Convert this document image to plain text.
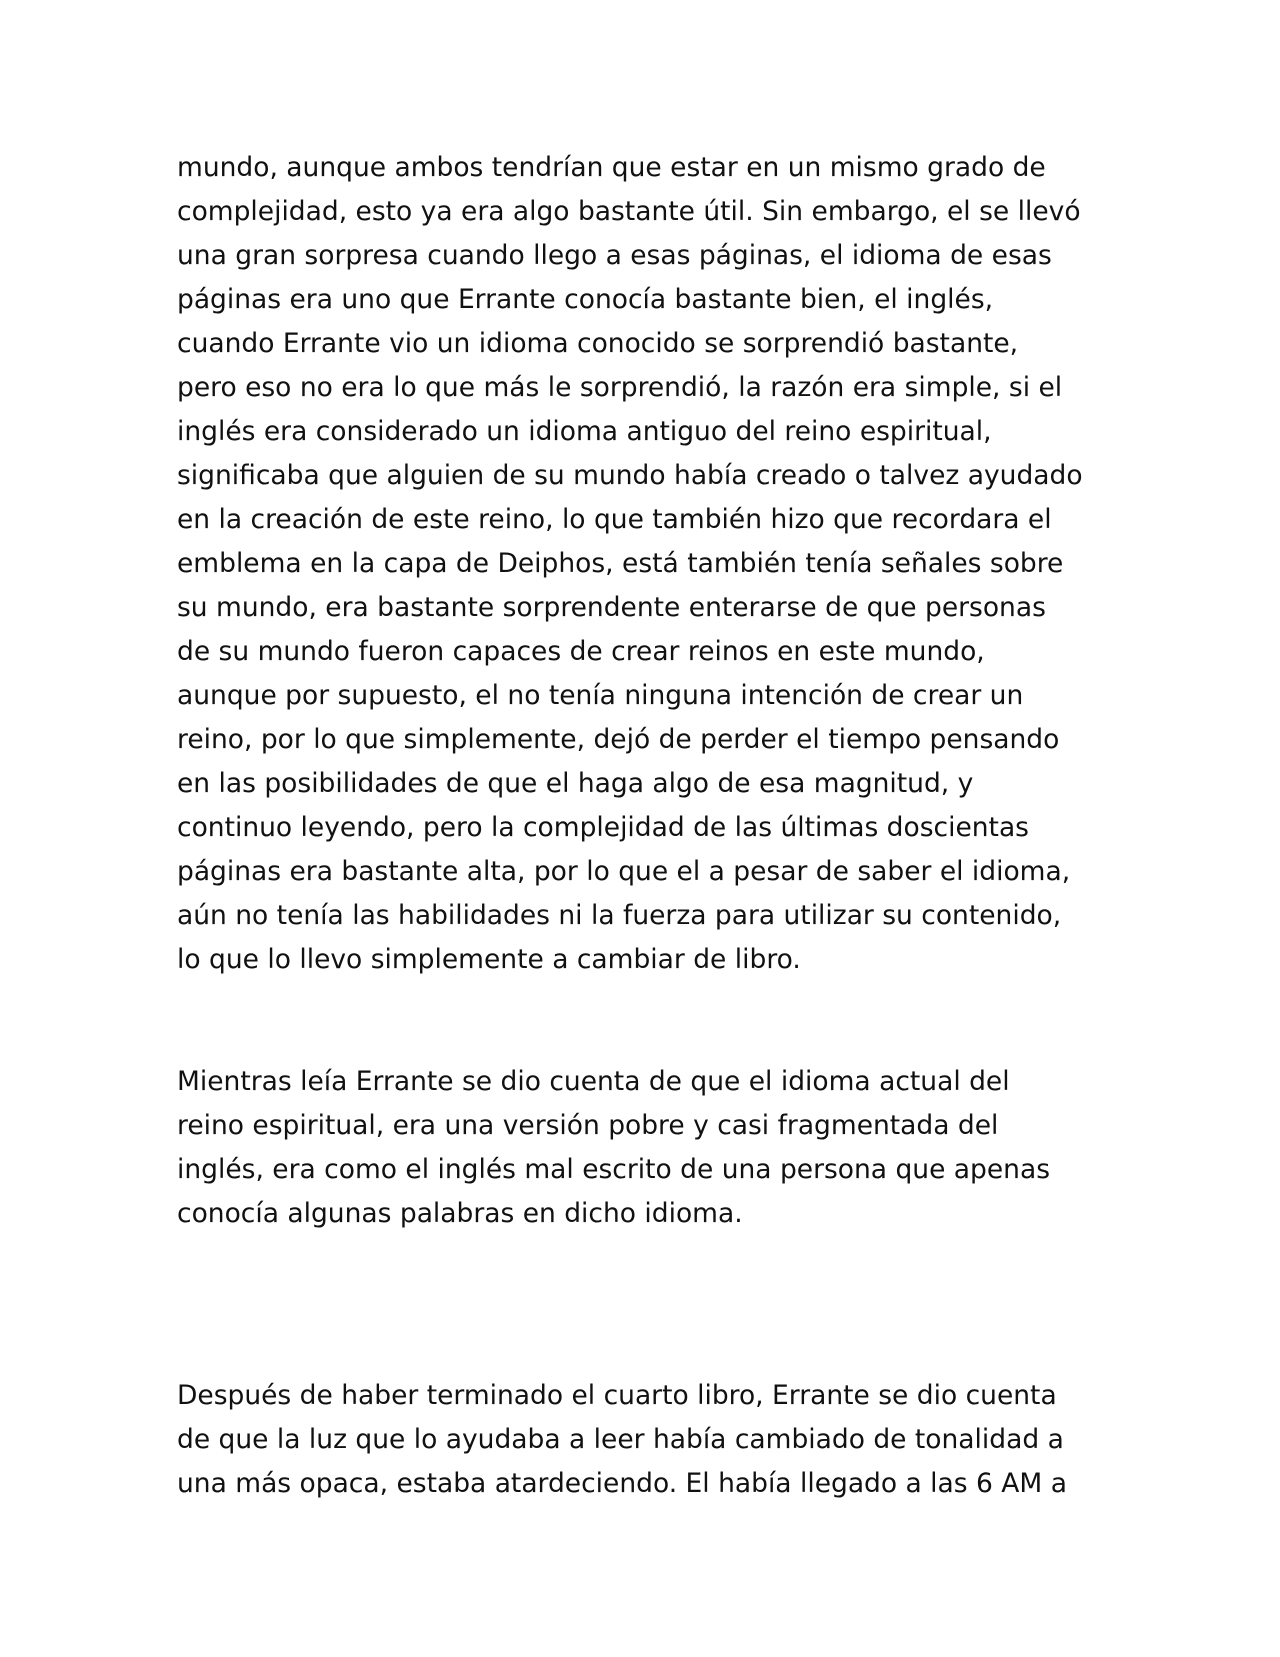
mundo, aunque ambos tendrían que estar en un mismo grado de
complejidad, esto ya era algo bastante útil. Sin embargo, el se llevó
una gran sorpresa cuando llego a esas páginas, el idioma de esas
páginas era uno que Errante conocía bastante bien, el inglés,
cuando Errante vio un idioma conocido se sorprendió bastante,
pero eso no era lo que más le sorprendió, la razón era simple, si el
inglés era considerado un idioma antiguo del reino espiritual,
significaba que alguien de su mundo había creado o talvez ayudado
en la creación de este reino, lo que también hizo que recordara el
emblema en la capa de Deiphos, está también tenía señales sobre
su mundo, era bastante sorprendente enterarse de que personas
de su mundo fueron capaces de crear reinos en este mundo,
aunque por supuesto, el no tenía ninguna intención de crear un
reino, por lo que simplemente, dejó de perder el tiempo pensando
en las posibilidades de que el haga algo de esa magnitud, y
continuo leyendo, pero la complejidad de las últimas doscientas
páginas era bastante alta, por lo que el a pesar de saber el idioma,
aún no tenía las habilidades ni la fuerza para utilizar su contenido,
lo que lo llevo simplemente a cambiar de libro.

Mientras leía Errante se dio cuenta de que el idioma actual del
reino espiritual, era una versión pobre y casi fragmentada del
inglés, era como el inglés mal escrito de una persona que apenas
conocía algunas palabras en dicho idioma.

Después de haber terminado el cuarto libro, Errante se dio cuenta
de que la luz que lo ayudaba a leer había cambiado de tonalidad a
una más opaca, estaba atardeciendo. El había llegado a las 6 AM a
